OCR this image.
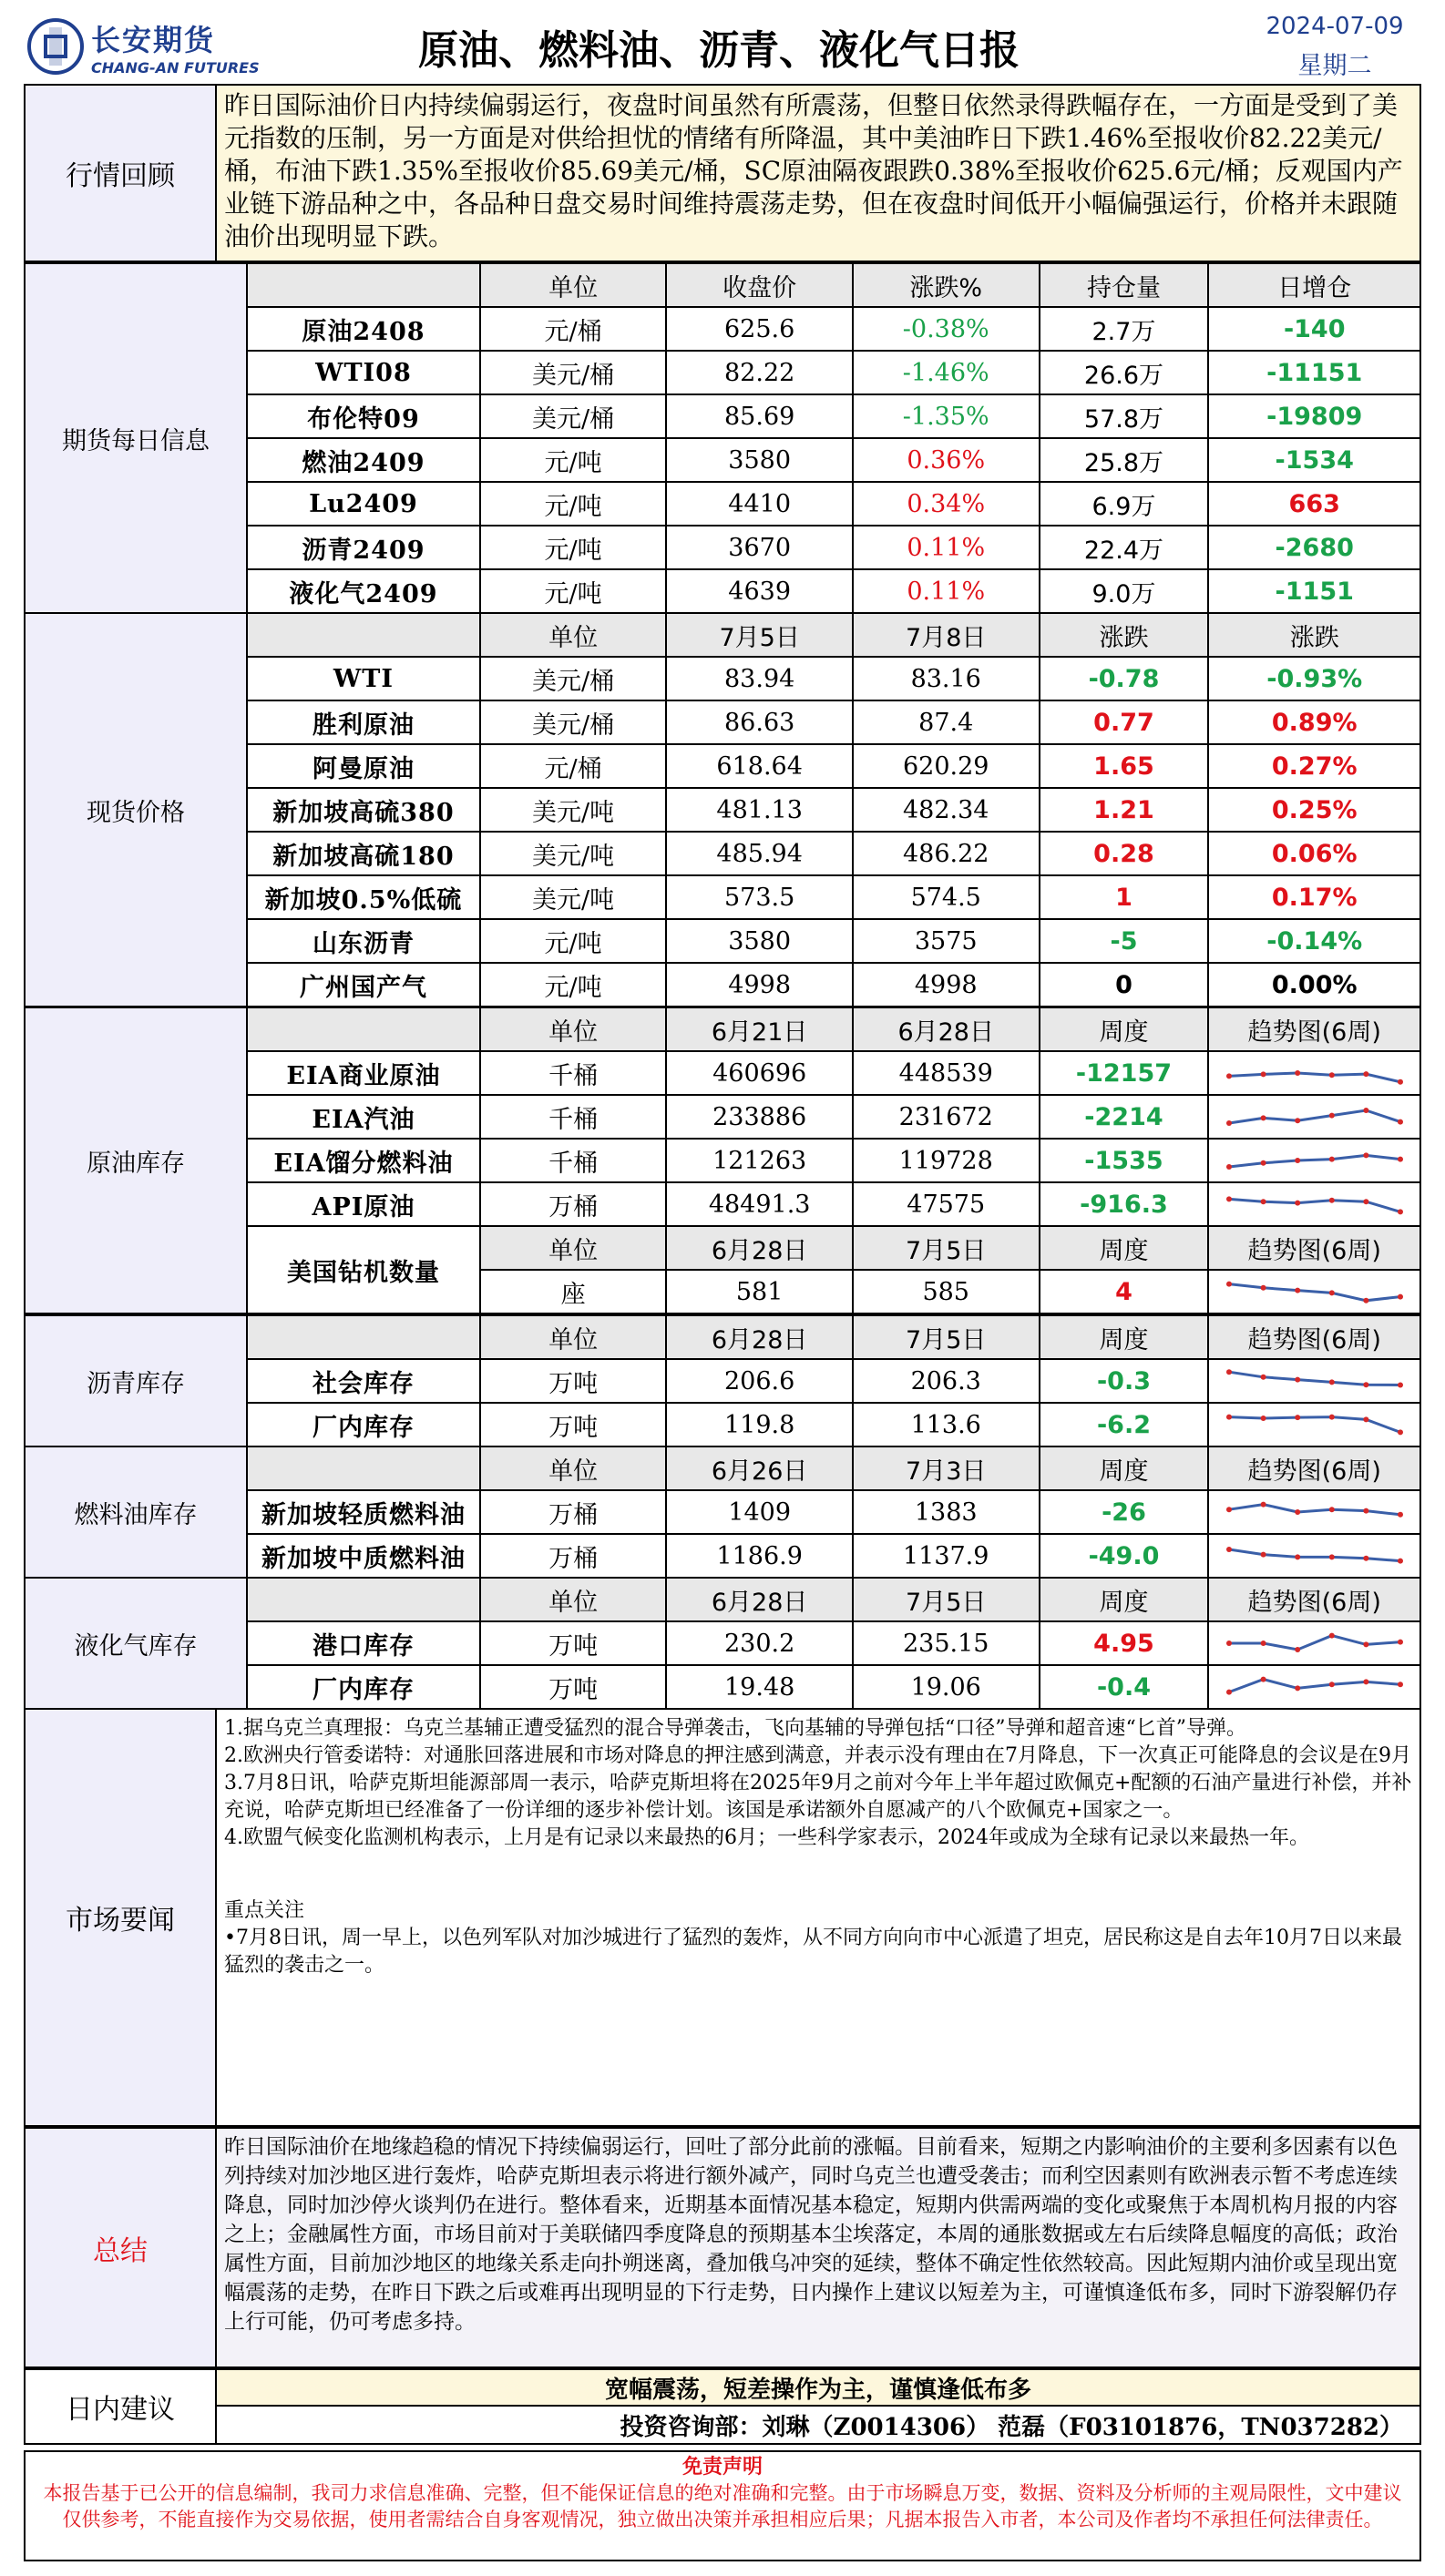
长安期货
CHANG-AN FUTURES	原油、燃料油、沥青、液化气日报
2024-07-09
星期二
行情回顾
昨日国际油价日内持续偏弱运行，夜盘时间虽然有所震荡，但整日依然录得跌幅存在，一方面是受到了美元指数的压制，另一方面是对供给担忧的情绪有所降温，其中美油昨日下跌1.46%至报收价82.22美元/桶，布油下跌1.35%至报收价85.69美元/桶，SC原油隔夜跟跌0.38%至报收价625.6元/桶；反观国内产业链下游品种之中，各品种日盘交易时间维持震荡走势，但在夜盘时间低开小幅偏强运行，价格并未跟随油价出现明显下跌。
期货每日信息		单位	收盘价	涨跌%	持仓量	日增仓
	原油2408	元/桶	625.6	-0.38%	2.7万	-140
	WTI08	美元/桶	82.22	-1.46%	26.6万	-11151
	布伦特09	美元/桶	85.69	-1.35%	57.8万	-19809
	燃油2409	元/吨	3580	0.36%	25.8万	-1534
	Lu2409	元/吨	4410	0.34%	6.9万	663
	沥青2409	元/吨	3670	0.11%	22.4万	-2680
	液化气2409	元/吨	4639	0.11%	9.0万	-1151
现货价格		单位	7月5日	7月8日	涨跌	涨跌
	WTI	美元/桶	83.94	83.16	-0.78	-0.93%
	胜利原油	美元/桶	86.63	87.4	0.77	0.89%
	阿曼原油	元/桶	618.64	620.29	1.65	0.27%
	新加坡高硫380	美元/吨	481.13	482.34	1.21	0.25%
	新加坡高硫180	美元/吨	485.94	486.22	0.28	0.06%
	新加坡0.5%低硫	美元/吨	573.5	574.5	1	0.17%
	山东沥青	元/吨	3580	3575	-5	-0.14%
	广州国产气	元/吨	4998	4998	0	0.00%
原油库存		单位	6月21日	6月28日	周度	趋势图(6周)
	EIA商业原油	千桶	460696	448539	-12157	

	EIA汽油	千桶	233886	231672	-2214	

	EIA馏分燃料油	千桶	121263	119728	-1535	

	API原油	万桶	48491.3	47575	-916.3	

	美国钻机数量	单位	6月28日	7月5日	周度	趋势图(6周)
		座	581	585	4	
沥青库存		单位	6月28日	7月5日	周度	趋势图(6周)
	社会库存	万吨	206.6	206.3	-0.3	

	厂内库存	万吨	119.8	113.6	-6.2	
燃料油库存		单位	6月26日	7月3日	周度	趋势图(6周)
	新加坡轻质燃料油	万桶	1409	1383	-26	

	新加坡中质燃料油	万桶	1186.9	1137.9	-49.0	
液化气库存		单位	6月28日	7月5日	周度	趋势图(6周)
	港口库存	万吨	230.2	235.15	4.95	

	厂内库存	万吨	19.48	19.06	-0.4	
市场要闻

1.据乌克兰真理报：乌克兰基辅正遭受猛烈的混合导弹袭击，飞向基辅的导弹包括“口径”导弹和超音速“匕首”导弹。

2.欧洲央行管委诺特：对通胀回落进展和市场对降息的押注感到满意，并表示没有理由在7月降息，下一次真正可能降息的会议是在9月

3.7月8日讯，哈萨克斯坦能源部周一表示，哈萨克斯坦将在2025年9月之前对今年上半年超过欧佩克+配额的石油产量进行补偿，并补充说，哈萨克斯坦已经准备了一份详细的逐步补偿计划。该国是承诺额外自愿减产的八个欧佩克+国家之一。

4.欧盟气候变化监测机构表示，上月是有记录以来最热的6月；一些科学家表示，2024年或成为全球有记录以来最热一年。

重点关注

•7月8日讯，周一早上，以色列军队对加沙城进行了猛烈的轰炸，从不同方向向市中心派遣了坦克，居民称这是自去年10月7日以来最猛烈的袭击之一。

总结
昨日国际油价在地缘趋稳的情况下持续偏弱运行，回吐了部分此前的涨幅。目前看来，短期之内影响油价的主要利多因素有以色列持续对加沙地区进行轰炸，哈萨克斯坦表示将进行额外减产，同时乌克兰也遭受袭击；而利空因素则有欧洲表示暂不考虑连续降息，同时加沙停火谈判仍在进行。整体看来，近期基本面情况基本稳定，短期内供需两端的变化或聚焦于本周机构月报的内容之上；金融属性方面，市场目前对于美联储四季度降息的预期基本尘埃落定，本周的通胀数据或左右后续降息幅度的高低；政治属性方面，目前加沙地区的地缘关系走向扑朔迷离，叠加俄乌冲突的延续，整体不确定性依然较高。因此短期内油价或呈现出宽幅震荡的走势，在昨日下跌之后或难再出现明显的下行走势，日内操作上建议以短差为主，可谨慎逢低布多，同时下游裂解仍存上行可能，仍可考虑多持。
日内建议
宽幅震荡，短差操作为主，谨慎逢低布多
投资咨询部：刘琳（Z0014306） 范磊（F03101876，TN037282）
免责声明
本报告基于已公开的信息编制，我司力求信息准确、完整，但不能保证信息的绝对准确和完整。由于市场瞬息万变，数据、资料及分析师的主观局限性，文中建议仅供参考，不能直接作为交易依据，使用者需结合自身客观情况，独立做出决策并承担相应后果；凡据本报告入市者，本公司及作者均不承担任何法律责任。
